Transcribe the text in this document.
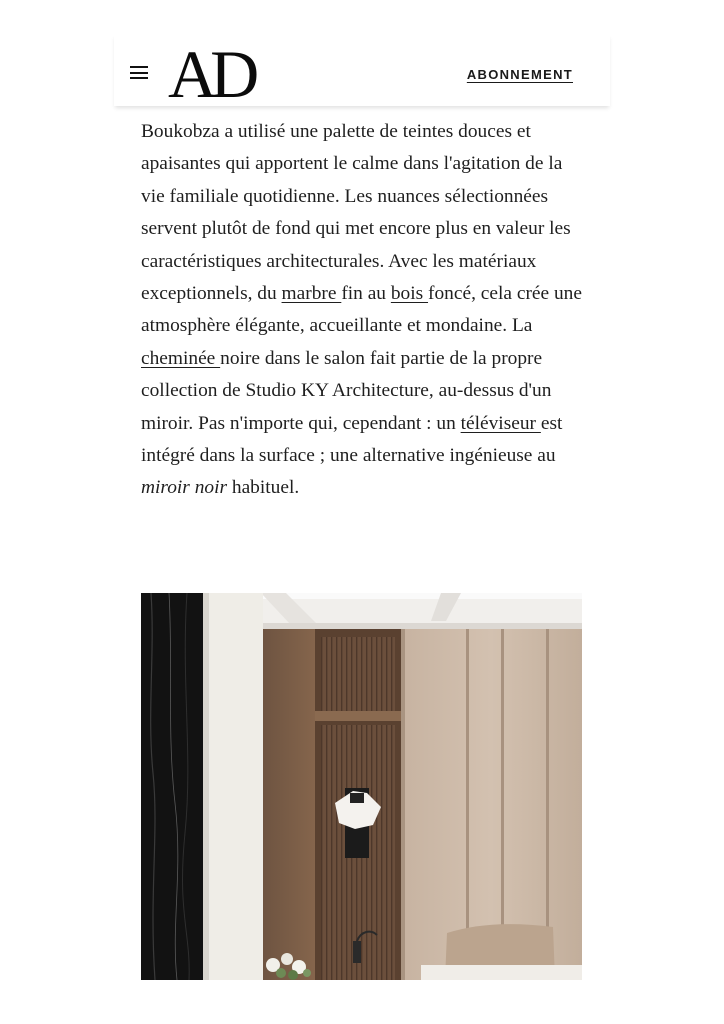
AD	ABONNEMENT

Boukobza a utilisé une palette de teintes douces et apaisantes qui apportent le calme dans l'agitation de la vie familiale quotidienne. Les nuances sélectionnées servent plutôt de fond qui met encore plus en valeur les caractéristiques architecturales. Avec les matériaux exceptionnels, du marbre fin au bois foncé, cela crée une atmosphère élégante, accueillante et mondaine. La cheminée noire dans le salon fait partie de la propre collection de Studio KY Architecture, au-dessus d'un miroir. Pas n'importe qui, cependant : un téléviseur est intégré dans la surface ; une alternative ingénieuse au miroir noir habituel.
